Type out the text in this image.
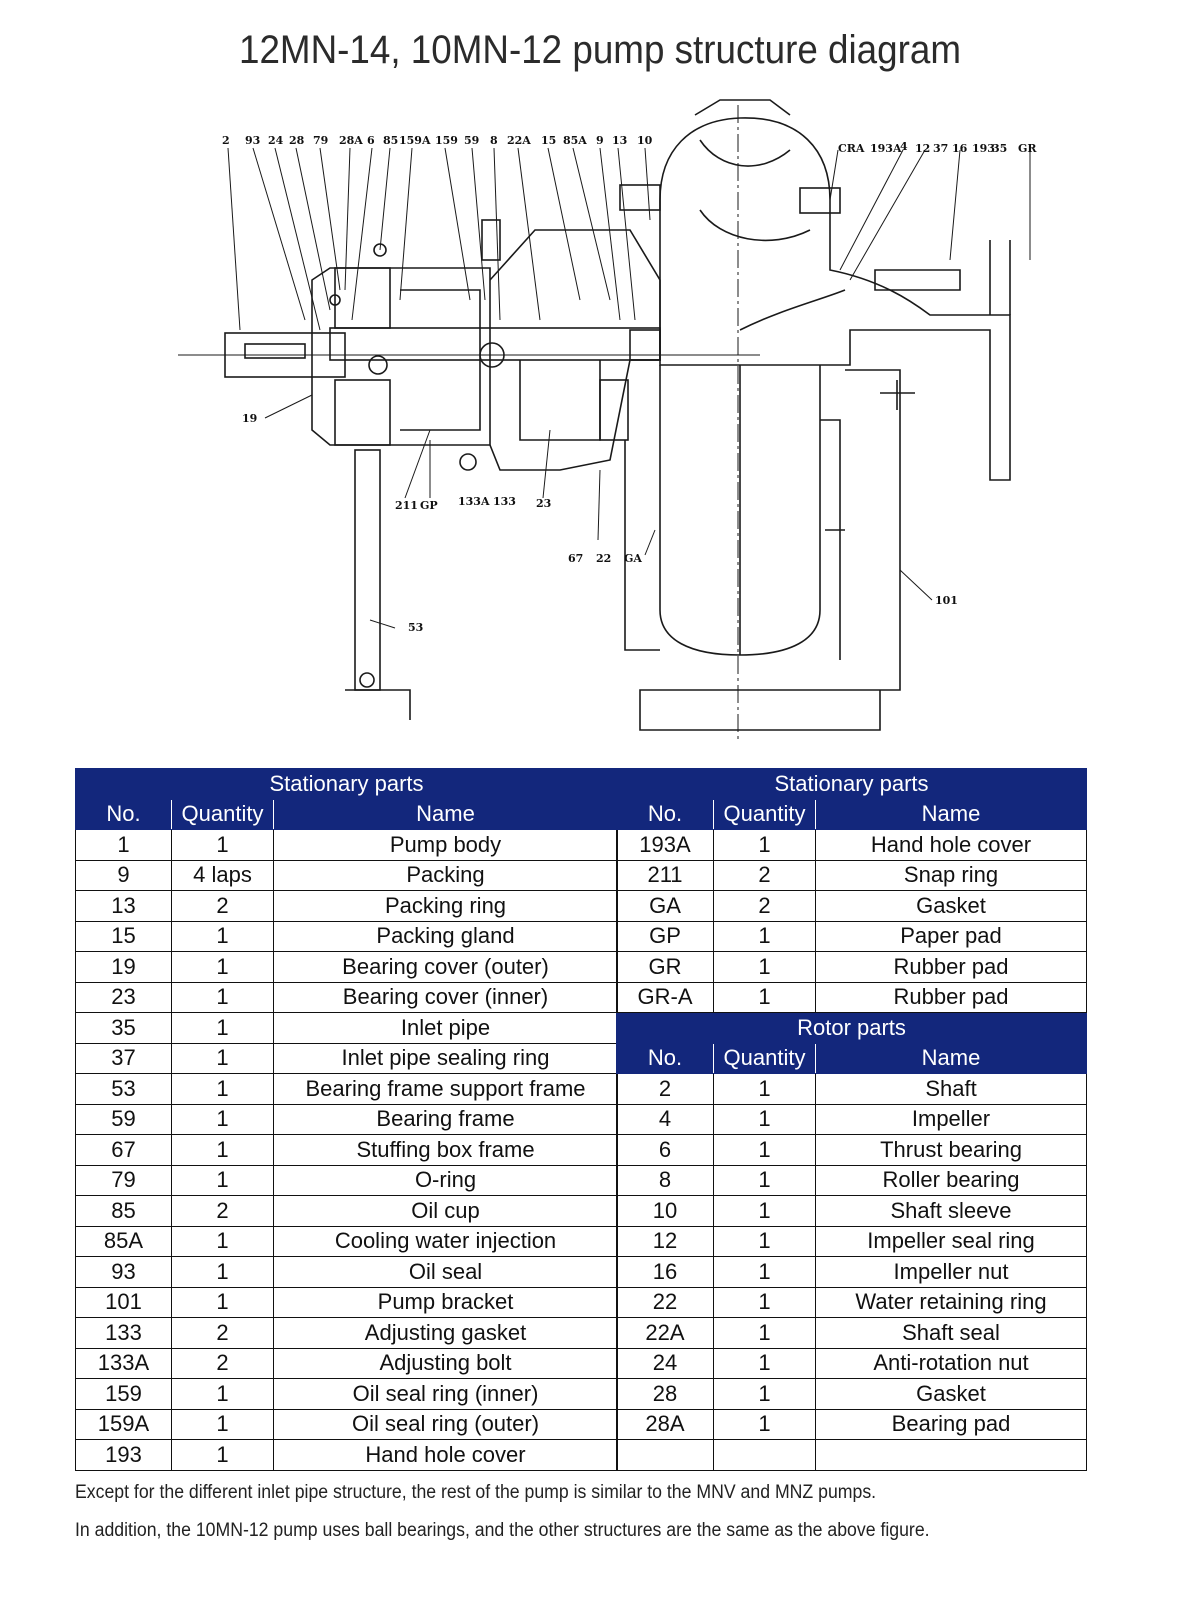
12MN-14, 10MN-12 pump structure diagram
2 93 24 28 79 28A 6 85 159A 159 59 8 22A 15 85A 9 13 10
CRA 193A
4 12 37 16 193
35 GR
19
211 GP 133A 133 23
67 22 GA
53
101
Stationary parts		
No.	Quantity	Name
1	1	Pump body
9	4 laps	Packing
13	2	Packing ring
15	1	Packing gland
19	1	Bearing cover (outer)
23	1	Bearing cover (inner)
35	1	Inlet pipe
37	1	Inlet pipe sealing ring
53	1	Bearing frame support frame
59	1	Bearing frame
67	1	Stuffing box frame
79	1	O-ring
85	2	Oil cup
85A	1	Cooling water injection
93	1	Oil seal
101	1	Pump bracket
133	2	Adjusting gasket
133A	2	Adjusting bolt
159	1	Oil seal ring (inner)
159A	1	Oil seal ring (outer)
193	1	Hand hole cover
Stationary parts		
No.	Quantity	Name
193A	1	Hand hole cover
211	2	Snap ring
GA	2	Gasket
GP	1	Paper pad
GR	1	Rubber pad
GR-A	1	Rubber pad
Rotor parts		
No.	Quantity	Name
2	1	Shaft
4	1	Impeller
6	1	Thrust bearing
8	1	Roller bearing
10	1	Shaft sleeve
12	1	Impeller seal ring
16	1	Impeller nut
22	1	Water retaining ring
22A	1	Shaft seal
24	1	Anti-rotation nut
28	1	Gasket
28A	1	Bearing pad

Except for the different inlet pipe structure, the rest of the pump is similar to the MNV and MNZ pumps.
In addition, the 10MN-12 pump uses ball bearings, and the other structures are the same as the above figure.
